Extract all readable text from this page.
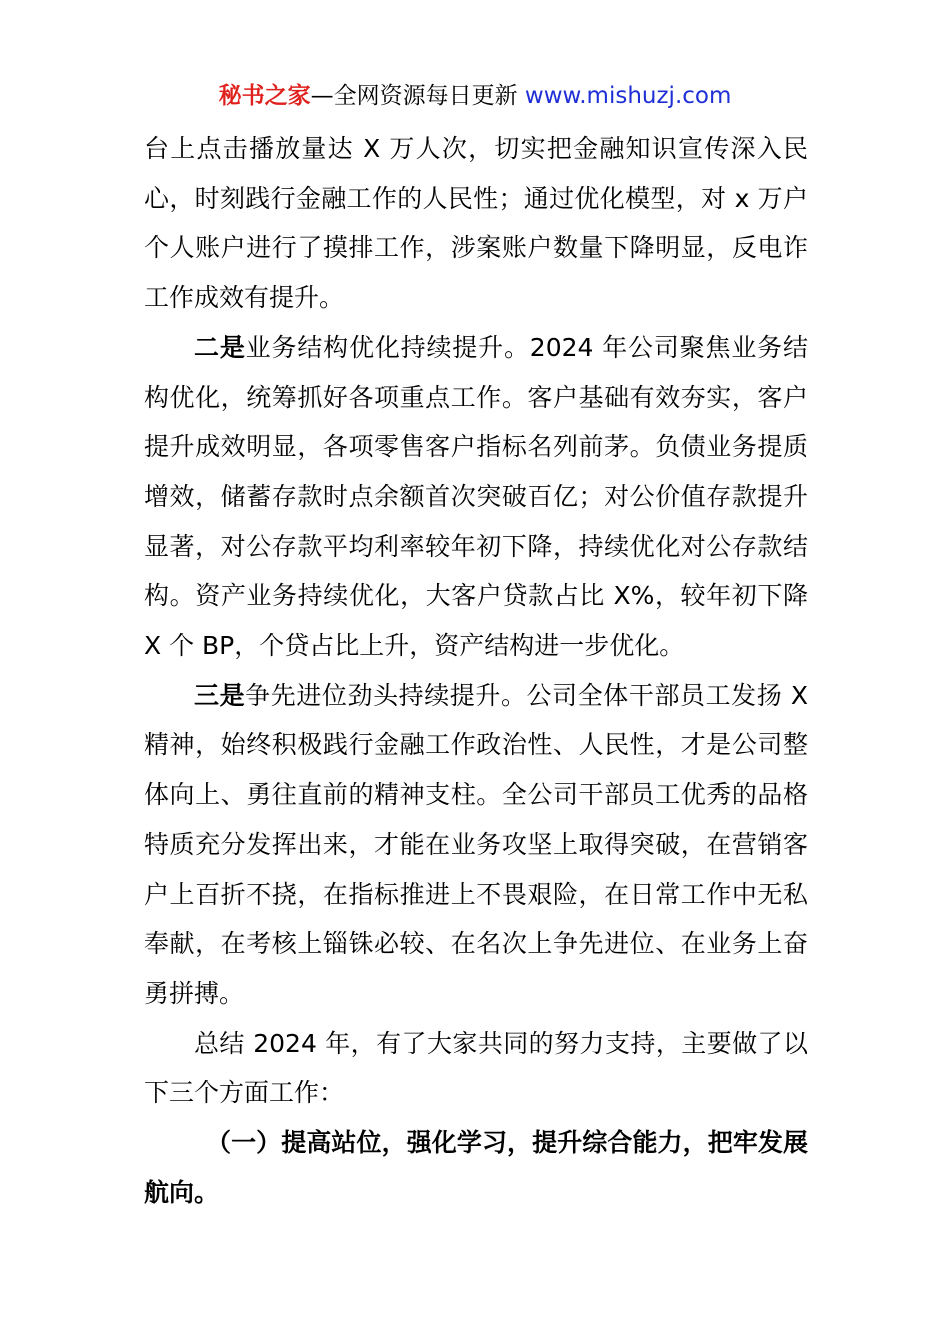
秘书之家—全网资源每日更新 www.mishuzj.com

台上点击播放量达 X 万人次，切实把金融知识宣传深入民心，时刻践行金融工作的人民性；通过优化模型，对 x 万户个人账户进行了摸排工作，涉案账户数量下降明显，反电诈工作成效有提升。

二是业务结构优化持续提升。2024 年公司聚焦业务结构优化，统筹抓好各项重点工作。客户基础有效夯实，客户提升成效明显，各项零售客户指标名列前茅。负债业务提质增效，储蓄存款时点余额首次突破百亿；对公价值存款提升显著，对公存款平均利率较年初下降，持续优化对公存款结构。资产业务持续优化，大客户贷款占比 X%，较年初下降 X 个 BP，个贷占比上升，资产结构进一步优化。

三是争先进位劲头持续提升。公司全体干部员工发扬 X 精神，始终积极践行金融工作政治性、人民性，才是公司整体向上、勇往直前的精神支柱。全公司干部员工优秀的品格特质充分发挥出来，才能在业务攻坚上取得突破，在营销客户上百折不挠，在指标推进上不畏艰险，在日常工作中无私奉献，在考核上锱铢必较、在名次上争先进位、在业务上奋勇拼搏。

总结 2024 年，有了大家共同的努力支持，主要做了以下三个方面工作：

（一）提高站位，强化学习，提升综合能力，把牢发展航向。
